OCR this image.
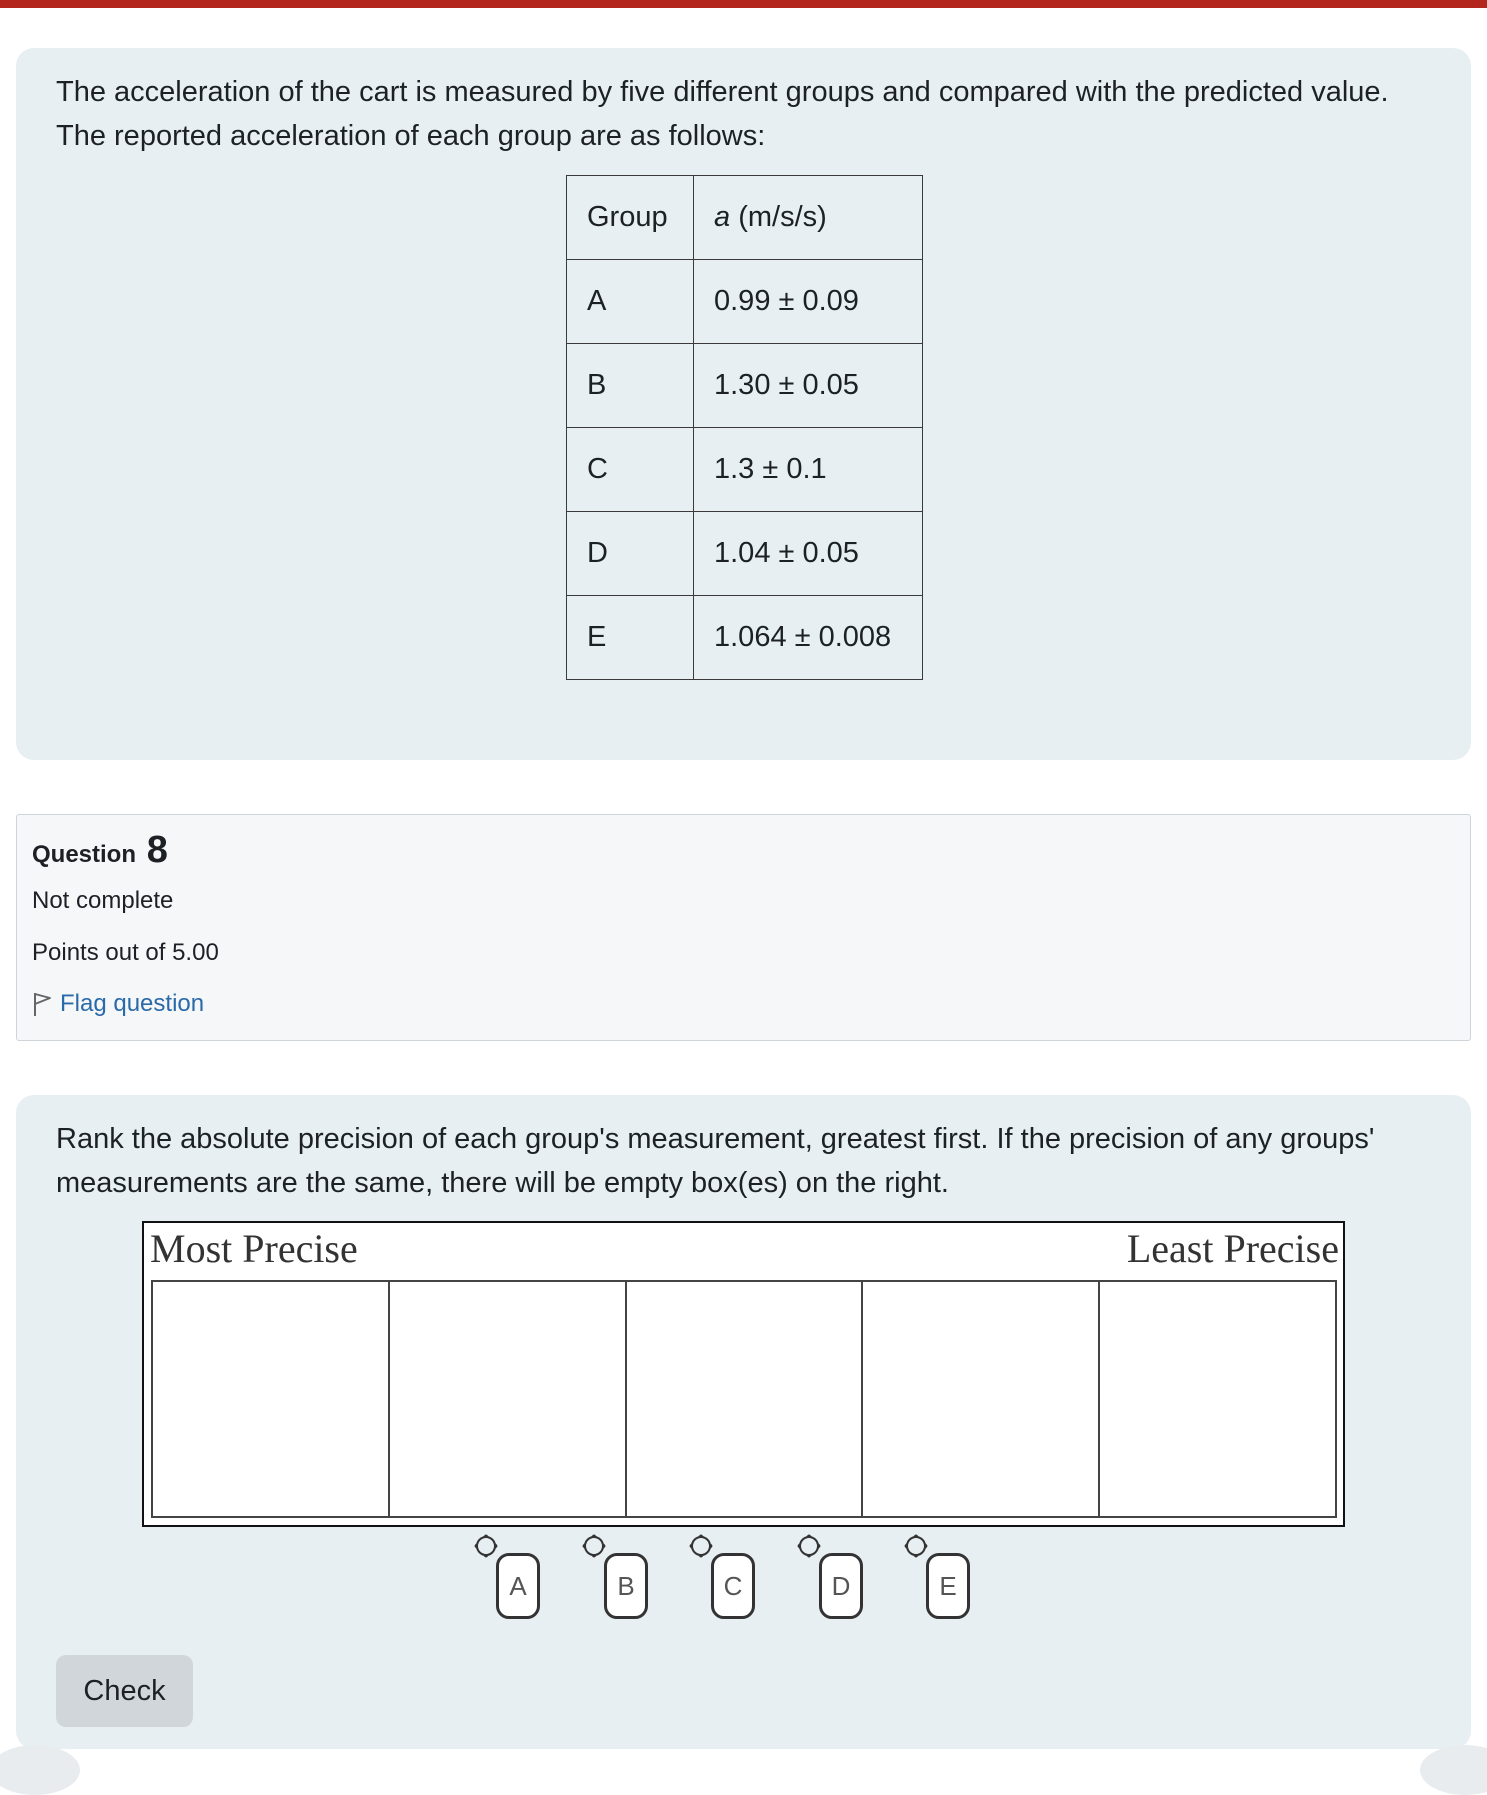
The acceleration of the cart is measured by five different groups and compared with the predicted value. The reported acceleration of each group are as follows:

Group	a (m/s/s)
A	0.99 ± 0.09
B	1.30 ± 0.05
C	1.3 ± 0.1
D	1.04 ± 0.05
E	1.064 ± 0.008
Question 8
Not complete
Points out of 5.00
Flag question

Rank the absolute precision of each group's measurement, greatest first. If the precision of any groups' measurements are the same, there will be empty box(es) on the right.

Most Precise	Least Precise
A	B	C	D	E
Check
